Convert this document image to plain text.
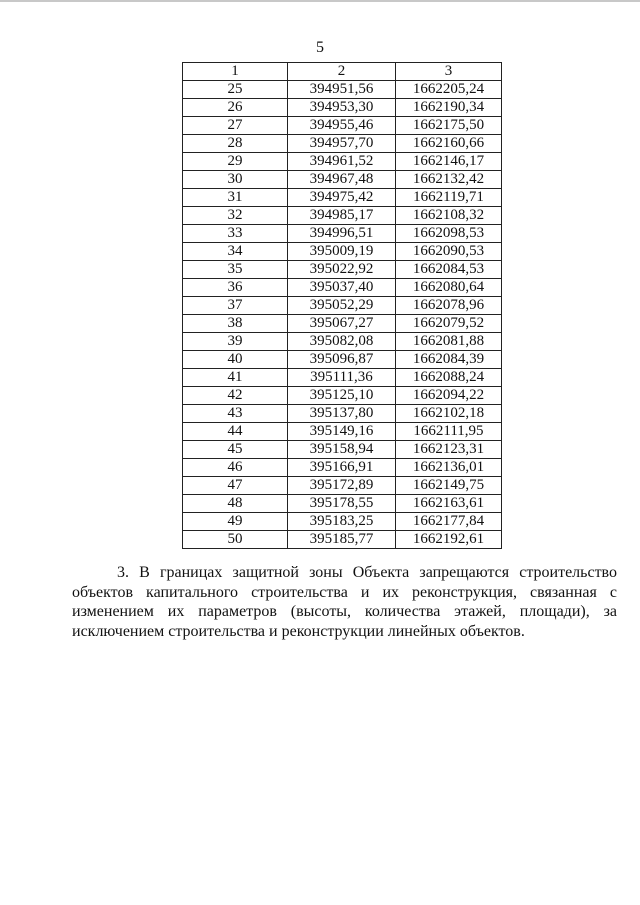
5
1	2	3
25	394951,56	1662205,24
26	394953,30	1662190,34
27	394955,46	1662175,50
28	394957,70	1662160,66
29	394961,52	1662146,17
30	394967,48	1662132,42
31	394975,42	1662119,71
32	394985,17	1662108,32
33	394996,51	1662098,53
34	395009,19	1662090,53
35	395022,92	1662084,53
36	395037,40	1662080,64
37	395052,29	1662078,96
38	395067,27	1662079,52
39	395082,08	1662081,88
40	395096,87	1662084,39
41	395111,36	1662088,24
42	395125,10	1662094,22
43	395137,80	1662102,18
44	395149,16	1662111,95
45	395158,94	1662123,31
46	395166,91	1662136,01
47	395172,89	1662149,75
48	395178,55	1662163,61
49	395183,25	1662177,84
50	395185,77	1662192,61

3. В границах защитной зоны Объекта запрещаются строительство объектов капитального строительства и их реконструкция, связанная с изменением их параметров (высоты, количества этажей, площади), за исключением строительства и реконструкции линейных объектов.
